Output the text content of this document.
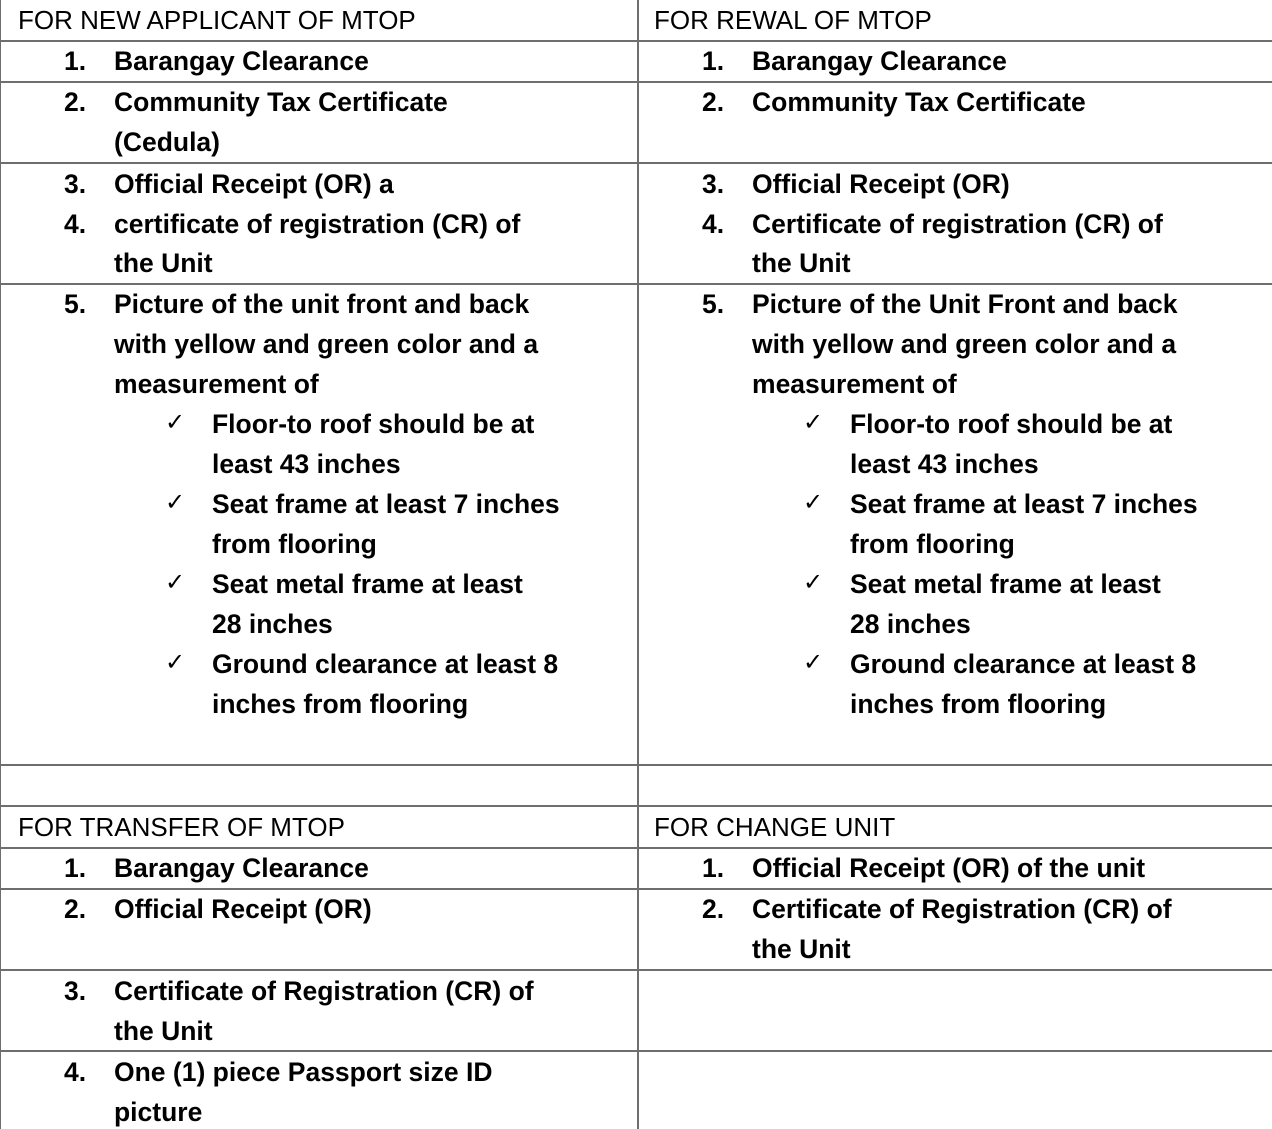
FOR NEW APPLICANT OF MTOP
1. Barangay Clearance
2. Community Tax Certificate
(Cedula)
3. Official Receipt (OR) a
4. certificate of registration (CR) of
the Unit
5. Picture of the unit front and back
with yellow and green color and a
measurement of
✓ Floor-to roof should be at
least 43 inches
✓ Seat frame at least 7 inches
from flooring
✓ Seat metal frame at least
28 inches
✓ Ground clearance at least 8
inches from flooring
FOR REWAL OF MTOP
1. Barangay Clearance
2. Community Tax Certificate
3. Official Receipt (OR)
4. Certificate of registration (CR) of
the Unit
5. Picture of the Unit Front and back
with yellow and green color and a
measurement of
✓ Floor-to roof should be at
least 43 inches
✓ Seat frame at least 7 inches
from flooring
✓ Seat metal frame at least
28 inches
✓ Ground clearance at least 8
inches from flooring
FOR TRANSFER OF MTOP
1. Barangay Clearance
2. Official Receipt (OR)
3. Certificate of Registration (CR) of
the Unit
4. One (1) piece Passport size ID
picture
FOR CHANGE UNIT
1. Official Receipt (OR) of the unit
2. Certificate of Registration (CR) of
the Unit
